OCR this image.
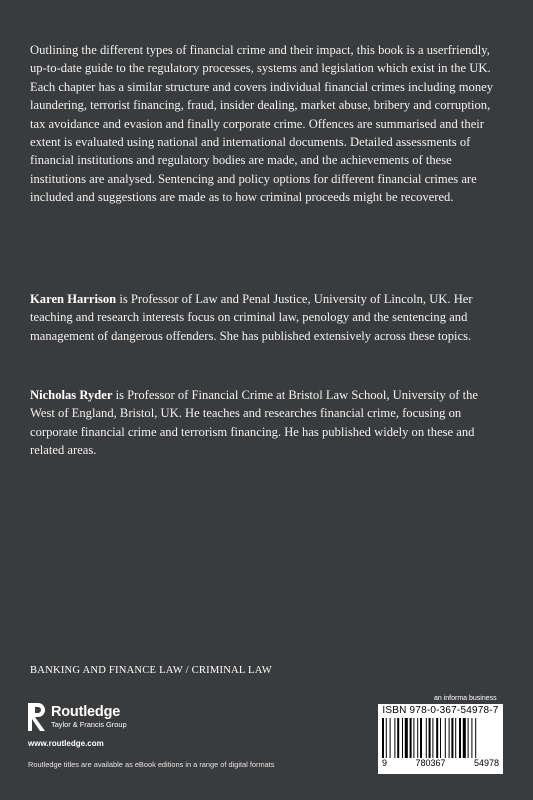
Outlining the different types of financial crime and their impact, this book is a userfriendly, up-to-date guide to the regulatory processes, systems and legislation which exist in the UK. Each chapter has a similar structure and covers individual financial crimes including money laundering, terrorist financing, fraud, insider dealing, market abuse, bribery and corruption, tax avoidance and evasion and finally corporate crime. Offences are summarised and their extent is evaluated using national and international documents. Detailed assessments of financial institutions and regulatory bodies are made, and the achievements of these institutions are analysed. Sentencing and policy options for different financial crimes are included and suggestions are made as to how criminal proceeds might be recovered.

Karen Harrison is Professor of Law and Penal Justice, University of Lincoln, UK. Her teaching and research interests focus on criminal law, penology and the sentencing and management of dangerous offenders. She has published extensively across these topics.

Nicholas Ryder is Professor of Financial Crime at Bristol Law School, University of the West of England, Bristol, UK. He teaches and researches financial crime, focusing on corporate financial crime and terrorism financing. He has published widely on these and related areas.

BANKING AND FINANCE LAW / CRIMINAL LAW

Routledge
Taylor & Francis Group
www.routledge.com
Routledge titles are available as eBook editions in a range of digital formats
an informa business
ISBN 978-0-367-54978-7
9	780367	54978
